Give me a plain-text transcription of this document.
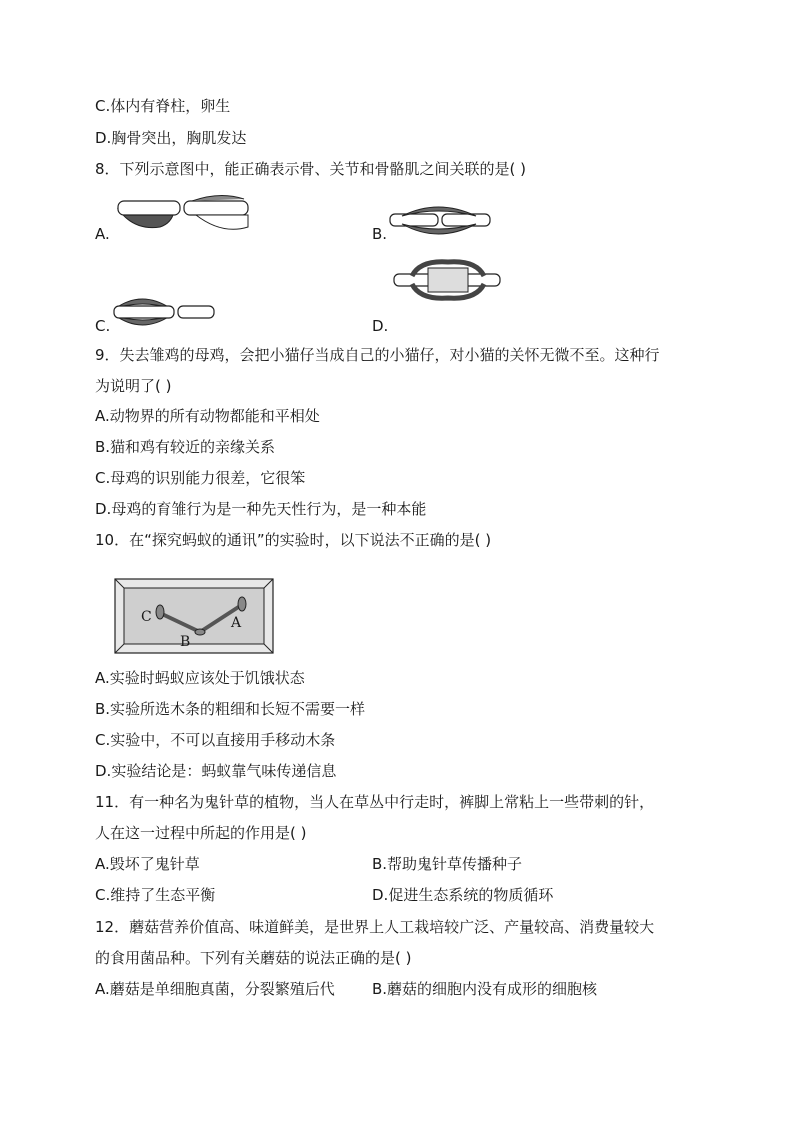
C.体内有脊柱，卵生
D.胸骨突出，胸肌发达
8．下列示意图中，能正确表示骨、关节和骨骼肌之间关联的是( )
A.	B.
C.	D.
9．失去雏鸡的母鸡，会把小猫仔当成自己的小猫仔，对小猫的关怀无微不至。这种行
为说明了( )
A.动物界的所有动物都能和平相处
B.猫和鸡有较近的亲缘关系
C.母鸡的识别能力很差，它很笨
D.母鸡的育雏行为是一种先天性行为，是一种本能
10．在“探究蚂蚁的通讯”的实验时，以下说法不正确的是( )
C
B
A
A.实验时蚂蚁应该处于饥饿状态
B.实验所选木条的粗细和长短不需要一样
C.实验中，不可以直接用手移动木条
D.实验结论是：蚂蚁靠气味传递信息
11．有一种名为鬼针草的植物，当人在草丛中行走时，裤脚上常粘上一些带刺的针，
人在这一过程中所起的作用是( )
A.毁坏了鬼针草	B.帮助鬼针草传播种子
C.维持了生态平衡	D.促进生态系统的物质循环
12．蘑菇营养价值高、味道鲜美，是世界上人工栽培较广泛、产量较高、消费量较大
的食用菌品种。下列有关蘑菇的说法正确的是( )
A.蘑菇是单细胞真菌，分裂繁殖后代 B.蘑菇的细胞内没有成形的细胞核
